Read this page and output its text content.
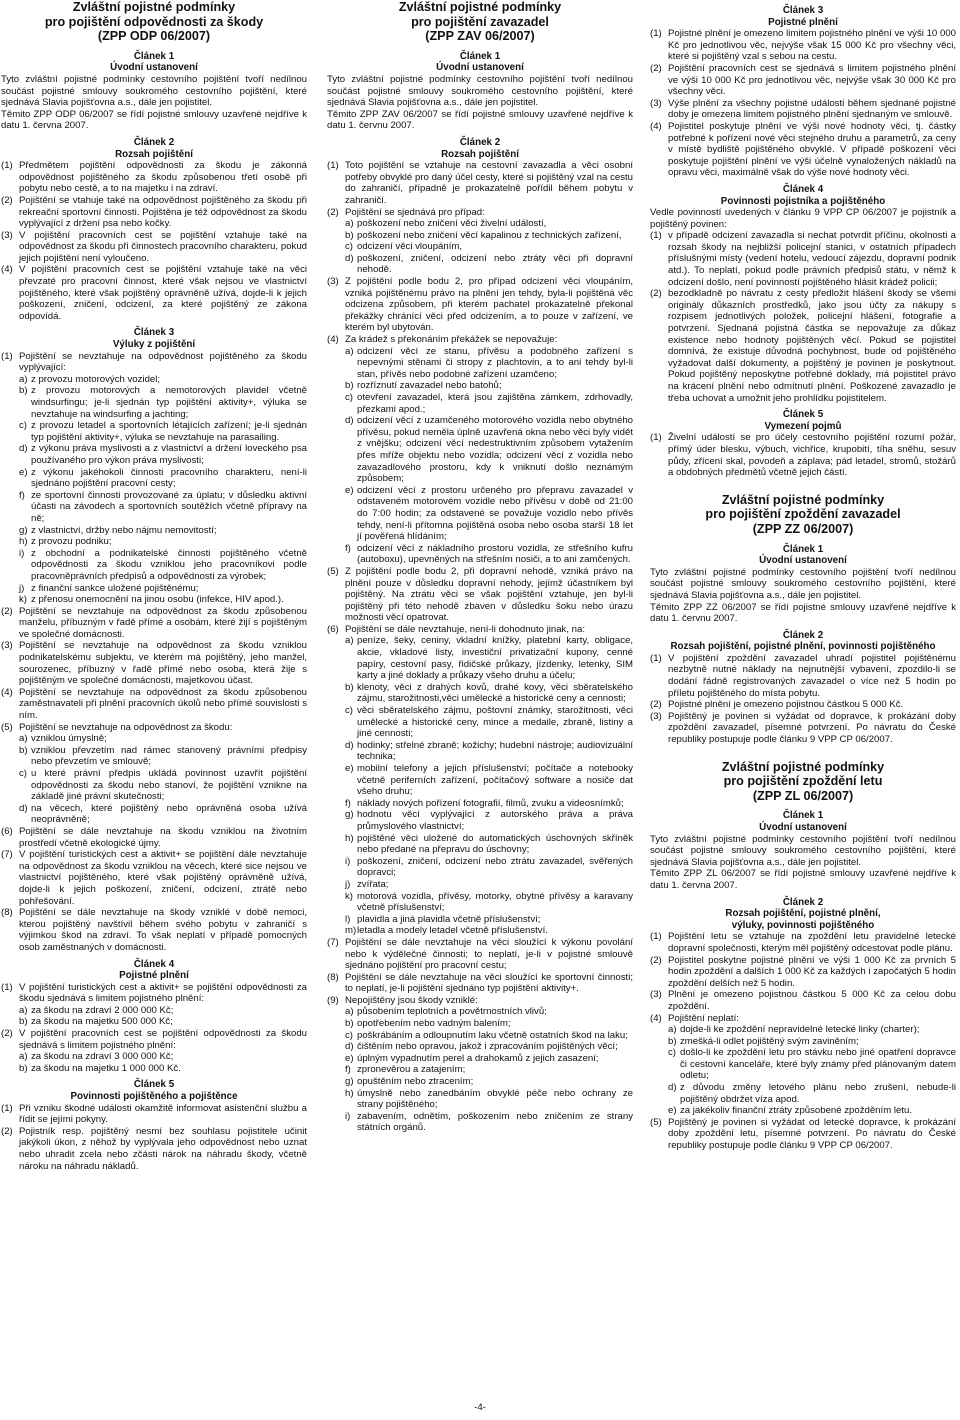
Zvláštní pojistné podmínky
pro pojištění odpovědnosti za škody
(ZPP ODP 06/2007)
Článek 1
Úvodní ustanovení

Tyto zvláštní pojistné podmínky cestovního pojištění tvoří nedílnou součást pojistné smlouvy soukromého cestovního pojištění, které sjednává Slavia pojišťovna a.s., dále jen pojistitel.

Těmito ZPP ODP 06/2007 se řídí pojistné smlouvy uzavřené nejdříve k datu 1. června 2007.

Článek 2
Rozsah pojištění
(1) Předmětem pojištění odpovědnosti za škodu je zákonná odpovědnost pojištěného za škodu způsobenou třetí osobě při pobytu nebo cestě, a to na majetku i na zdraví.
(2) Pojištění se vtahuje také na odpovědnost pojištěného za škodu při rekreační sportovní činnosti. Pojištěna je též odpovědnost za škodu vyplývající z držení psa nebo kočky.
(3) V pojištění pracovních cest se pojištění vztahuje také na odpovědnost za škodu při činnostech pracovního charakteru, pokud jejich pojištění není vyloučeno.
(4) V pojištění pracovních cest se pojištění vztahuje také na věci převzaté pro pracovní činnost, které však nejsou ve vlastnictví pojištěného, které však pojištěný oprávněně užívá, dojde-li k jejich poškození, zničení, odcizení, za které pojištěný ze zákona odpovídá.
Článek 3
Výluky z pojištění
(1) Pojištění se nevztahuje na odpovědnost pojištěného za škodu vyplývající:
a) z provozu motorových vozidel;
b) z provozu motorových a nemotorových plavidel včetně windsurfingu; je-li sjednán typ pojištění aktivity+, výluka se nevztahuje na windsurfing a jachting;
c) z provozu letadel a sportovních létajících zařízení; je-li sjednán typ pojištění aktivity+, výluka se nevztahuje na parasailing.
d) z výkonu práva myslivosti a z vlastnictví a držení loveckého psa používaného pro výkon práva myslivosti;
e) z výkonu jakéhokoli činnosti pracovního charakteru, není-li sjednáno pojištění pracovní cesty;
f) ze sportovní činnosti provozované za úplatu; v důsledku aktivní účasti na závodech a sportovních soutěžích včetně přípravy na ně;
g) z vlastnictví, držby nebo nájmu nemovitostí;
h) z provozu podniku;
i) z obchodní a podnikatelské činnosti pojištěného včetně odpovědnosti za škodu vzniklou jeho pracovníkovi podle pracovněprávních předpisů a odpovědnosti za výrobek;
j) z finanční sankce uložené pojištěnému;
k) z přenosu onemocnění na jinou osobu (infekce, HIV apod.).
(2) Pojištění se nevztahuje na odpovědnost za škodu způsobenou manželu, příbuzným v řadě přímé a osobám, které žijí s pojištěným ve společné domácnosti.
(3) Pojištění se nevztahuje na odpovědnost za škodu vzniklou podnikatelskému subjektu, ve kterém má pojištěný, jeho manžel, sourozenec, příbuzný v řadě přímé nebo osoba, která žije s pojištěným ve společné domácnosti, majetkovou účast.
(4) Pojištění se nevztahuje na odpovědnost za škodu způsobenou zaměstnavateli při plnění pracovních úkolů nebo přímé souvislosti s ním.
(5) Pojištění se nevztahuje na odpovědnost za škodu:
a) vzniklou úmyslně;
b) vzniklou převzetím nad rámec stanovený právními předpisy nebo převzetím ve smlouvě;
c) u které právní předpis ukládá povinnost uzavřít pojištění odpovědnosti za škodu nebo stanoví, že pojištění vznikne na základě jiné právní skutečnosti;
d) na věcech, které pojištěný nebo oprávněná osoba užívá neoprávněně;
(6) Pojištění se dále nevztahuje na škodu vzniklou na životním prostředí včetně ekologické újmy.
(7) V pojištění turistických cest a aktivit+ se pojištění dále nevztahuje na odpovědnost za škodu vzniklou na věcech, které sice nejsou ve vlastnictví pojištěného, které však pojištěný oprávněně užívá, dojde-li k jejich poškození, zničení, odcizení, ztrátě nebo pohřešování.
(8) Pojištění se dále nevztahuje na škody vzniklé v době nemoci, kterou pojištěný navštívil během svého pobytu v zahraničí s výjimkou škod na zdraví. To však neplatí v případě pomocných osob zaměstnaných v domácnosti.
Článek 4
Pojistné plnění
(1) V pojištění turistických cest a aktivit+ se pojištění odpovědnosti za škodu sjednává s limitem pojistného plnění:
a) za škodu na zdraví 2 000 000 Kč;
b) za škodu na majetku 500 000 Kč;
(2) V pojištění pracovních cest se pojištění odpovědnosti za škodu sjednává s limitem pojistného plnění:
a) za škodu na zdraví 3 000 000 Kč;
b) za škodu na majetku 1 000 000 Kč.
Článek 5
Povinnosti pojištěného a pojištěnce
(1) Při vzniku škodné události okamžitě informovat asistenční službu a řídit se jejími pokyny.
(2) Pojistník resp. pojištěný nesmí bez souhlasu pojistitele učinit jakýkoli úkon, z něhož by vyplývala jeho odpovědnost nebo uznat nebo uhradit zcela nebo zčásti nárok na náhradu škody, včetně nároku na náhradu nákladů.
Zvláštní pojistné podmínky
pro pojištění zavazadel
(ZPP ZAV 06/2007)
Článek 1
Úvodní ustanovení

Tyto zvláštní pojistné podmínky cestovního pojištění tvoří nedílnou součást pojistné smlouvy soukromého cestovního pojištění, které sjednává Slavia pojišťovna a.s., dále jen pojistitel.

Těmito ZPP ZAV 06/2007 se řídí pojistné smlouvy uzavřené nejdříve k datu 1. červnu 2007.

Článek 2
Rozsah pojištění
(1) Toto pojištění se vztahuje na cestovní zavazadla a věci osobní potřeby obvyklé pro daný účel cesty, které si pojištěný vzal na cestu do zahraničí, případně je prokazatelně pořídil během pobytu v zahraničí.
(2) Pojištění se sjednává pro případ:
a) poškození nebo zničení věci živelní událostí,
b) poškození nebo zničení věcí kapalinou z technických zařízení,
c) odcizení věci vloupáním,
d) poškození, zničení, odcizení nebo ztráty věci při dopravní nehodě.
(3) Z pojištění podle bodu 2, pro případ odcizení věci vloupáním, vzniká pojištěnému právo na plnění jen tehdy, byla-li pojištěná věc odcizena způsobem, při kterém pachatel prokazatelně překonal překážky chránící věci před odcizením, a to pouze v zařízení, ve kterém byl ubytován.
(4) Za krádež s překonáním překážek se nepovažuje:
a) odcizení věcí ze stanu, přívěsu a podobného zařízení s nepevnými stěnami či stropy z plachtovin, a to ani tehdy byl-li stan, přívěs nebo podobné zařízení uzamčeno;
b) rozříznutí zavazadel nebo batohů;
c) otevření zavazadel, která jsou zajištěna zámkem, zdrhovadly, přezkami apod.;
d) odcizení věcí z uzamčeného motorového vozidla nebo obytného přívěsu, pokud neměla úplně uzavřená okna nebo věci byly vidět z vnějšku; odcizení věcí nedestruktivním způsobem vytažením přes mříže objektu nebo vozidla; odcizení věcí z vozidla nebo zavazadlového prostoru, kdy k vniknutí došlo neznámým způsobem;
e) odcizení věcí z prostoru určeného pro přepravu zavazadel v odstaveném motorovém vozidle nebo přívěsu v době od 21:00 do 7:00 hodin; za odstavené se považuje vozidlo nebo přívěs tehdy, není-li přítomna pojištěná osoba nebo osoba starší 18 let jí pověřená hlídáním;
f) odcizení věcí z nákladního prostoru vozidla, ze střešního kufru (autoboxu), upevněných na střešním nosiči, a to ani zamčených.
(5) Z pojištění podle bodu 2, při dopravní nehodě, vzniká právo na plnění pouze v důsledku dopravní nehody, jejímž účastníkem byl pojištěný. Na ztrátu věci se však pojištění vztahuje, jen byl-li pojištěný při této nehodě zbaven v důsledku šoku nebo úrazu možnosti věcí opatrovat.
(6) Pojištění se dále nevztahuje, není-li dohodnuto jinak, na:
a) peníze, šeky, ceniny, vkladní knížky, platební karty, obligace, akcie, vkladové listy, investiční privatizační kupony, cenné papíry, cestovní pasy, řidičské průkazy, jízdenky, letenky, SIM karty a jiné doklady a průkazy všeho druhu a účelu;
b) klenoty, věci z drahých kovů, drahé kovy, věci sběratelského zájmu, starožitnosti,věci umělecké a historické ceny a cennosti;
c) věci sběratelského zájmu, poštovní známky, starožitnosti, věci umělecké a historické ceny, mince a medaile, zbraně, listiny a jiné cennosti;
d) hodinky; střelné zbraně; kožichy; hudební nástroje; audiovizuální technika;
e) mobilní telefony a jejich příslušenství; počítače a notebooky včetně periferních zařízení, počítačový software a nosiče dat všeho druhu;
f) náklady nových pořízení fotografií, filmů, zvuku a videosnímků;
g) hodnotu věcí vyplývající z autorského práva a práva průmyslového vlastnictví;
h) pojištěné věci uložené do automatických úschovných skříněk nebo předané na přepravu do úschovny;
i) poškození, zničení, odcizení nebo ztrátu zavazadel, svěřených dopravci;
j) zvířata;
k) motorová vozidla, přívěsy, motorky, obytné přívěsy a karavany včetně příslušenství;
l) plavidla a jiná plavidla včetně příslušenství;
m) letadla a modely letadel včetně příslušenství.
(7) Pojištění se dále nevztahuje na věci sloužící k výkonu povolání nebo k výdělečné činnosti; to neplatí, je-li v pojistné smlouvě sjednáno pojištění pro pracovní cestu;
(8) Pojištění se dále nevztahuje na věci sloužící ke sportovní činnosti; to neplatí, je-li pojištění sjednáno typ pojištění aktivity+.
(9) Nepojištěny jsou škody vzniklé:
a) působením teplotních a povětrnostních vlivů;
b) opotřebením nebo vadným balením;
c) poškrábáním a odloupnutím laku včetně ostatních škod na laku;
d) čištěním nebo opravou, jakož i zpracováním pojištěných věcí;
e) úplným vypadnutím perel a drahokamů z jejich zasazení;
f) zpronevěrou a zatajením;
g) opuštěním nebo ztracením;
h) úmyslně nebo zanedbáním obvyklé péče nebo ochrany ze strany pojištěného;
i) zabavením, odnětím, poškozením nebo zničením ze strany státních orgánů.
Článek 3
Pojistné plnění
(1) Pojistné plnění je omezeno limitem pojistného plnění ve výši 10 000 Kč pro jednotlivou věc, nejvýše však 15 000 Kč pro všechny věci, které si pojištěný vzal s sebou na cestu.
(2) Pojištění pracovních cest se sjednává s limitem pojistného plnění ve výši 10 000 Kč pro jednotlivou věc, nejvýše však 30 000 Kč pro všechny věci.
(3) Výše plnění za všechny pojistné události během sjednané pojistné doby je omezena limitem pojistného plnění sjednaným ve smlouvě.
(4) Pojistitel poskytuje plnění ve výši nové hodnoty věci, tj. částky potřebné k pořízení nové věci stejného druhu a parametrů, za ceny v místě bydliště pojištěného obvyklé. V případě poškození věci poskytuje pojištění plnění ve výši účelně vynaložených nákladů na opravu věci, maximálně však do výše nové hodnoty věci.
Článek 4
Povinnosti pojistníka a pojištěného

Vedle povinností uvedených v článku 9 VPP CP 06/2007 je pojistník a pojištěný povinen:

(1) v případě odcizení zavazadla si nechat potvrdit příčinu, okolnosti a rozsah škody na nejbližší policejní stanici, v ostatních případech příslušnými místy (vedení hotelu, vedoucí zájezdu, dopravní podnik atd.). To neplatí, pokud podle právních předpisů státu, v němž k odcizení došlo, není povinností pojištěného hlásit krádež policii;
(2) bezodkladně po návratu z cesty předložit hlášení škody se všemi originály důkazních prostředků, jako jsou účty za nákupy s rozpisem jednotlivých položek, policejní hlášení, fotografie a potvrzení. Sjednaná pojistná částka se nepovažuje za důkaz existence nebo hodnoty pojištěných věcí. Pokud se pojistitel domnívá, že existuje důvodná pochybnost, bude od pojištěného vyžadovat další dokumenty, a pojištěný je povinen je poskytnout. Pokud pojištěný neposkytne potřebné doklady, má pojistitel právo na krácení plnění nebo odmítnutí plnění. Poškozené zavazadlo je třeba uchovat a umožnit jeho prohlídku pojistitelem.
Článek 5
Vymezení pojmů
(1) Živelní událostí se pro účely cestovního pojištění rozumí požár, přímý úder blesku, výbuch, vichřice, krupobití, tíha sněhu, sesuv půdy, zřícení skal, povodeň a záplava; pád letadel, stromů, stožárů a obdobných předmětů včetně jejich částí.
Zvláštní pojistné podmínky
pro pojištění zpoždění zavazadel
(ZPP ZZ 06/2007)
Článek 1
Úvodní ustanovení

Tyto zvláštní pojistné podmínky cestovního pojištění tvoří nedílnou součást pojistné smlouvy soukromého cestovního pojištění, které sjednává Slavia pojišťovna a.s., dále jen pojistitel.

Těmito ZPP ZZ 06/2007 se řídí pojistné smlouvy uzavřené nejdříve k datu 1. červnu 2007.

Článek 2
Rozsah pojištění, pojistné plnění, povinnosti pojištěného
(1) V pojištění zpoždění zavazadel uhradí pojistitel pojištěnému nezbytně nutné náklady na nejnutnější vybavení, zpozdilo-li se dodání řádně registrovaných zavazadel o více než 5 hodin po příletu pojištěného do místa pobytu.
(2) Pojistné plnění je omezeno pojistnou částkou 5 000 Kč.
(3) Pojištěný je povinen si vyžádat od dopravce, k prokázání doby zpoždění zavazadel, písemné potvrzení. Po návratu do České republiky postupuje podle článku 9 VPP CP 06/2007.
Zvláštní pojistné podmínky
pro pojištění zpoždění letu
(ZPP ZL 06/2007)
Článek 1
Úvodní ustanovení

Tyto zvláštní pojistné podmínky cestovního pojištění tvoří nedílnou součást pojistné smlouvy soukromého cestovního pojištění, které sjednává Slavia pojišťovna a.s., dále jen pojistitel.

Těmito ZPP ZL 06/2007 se řídí pojistné smlouvy uzavřené nejdříve k datu 1. června 2007.

Článek 2
Rozsah pojištění, pojistné plnění,
výluky, povinnosti pojištěného
(1) Pojištění letu se vztahuje na zpoždění letu pravidelné letecké dopravní společnosti, kterým měl pojištěný odcestovat podle plánu.
(2) Pojistitel poskytne pojistné plnění ve výši 1 000 Kč za prvních 5 hodin zpoždění a dalších 1 000 Kč za každých i započatých 5 hodin zpoždění delších než 5 hodin.
(3) Plnění je omezeno pojistnou částkou 5 000 Kč za celou dobu zpoždění.
(4) Pojištění neplatí:
a) dojde-li ke zpoždění nepravidelné letecké linky (charter);
b) zmešká-li odlet pojištěný svým zaviněním;
c) došlo-li ke zpoždění letu pro stávku nebo jiné opatření dopravce či cestovní kanceláře, které byly známy před plánovaným datem odletu;
d) z důvodu změny letového plánu nebo zrušení, nebude-li pojištěný obdržet víza apod.
e) za jakékoliv finanční ztráty způsobené zpožděním letu.
(5) Pojištěný je povinen si vyžádat od letecké dopravce, k prokázání doby zpoždění letu, písemné potvrzení. Po návratu do České republiky postupuje podle článku 9 VPP CP 06/2007.
-4-
